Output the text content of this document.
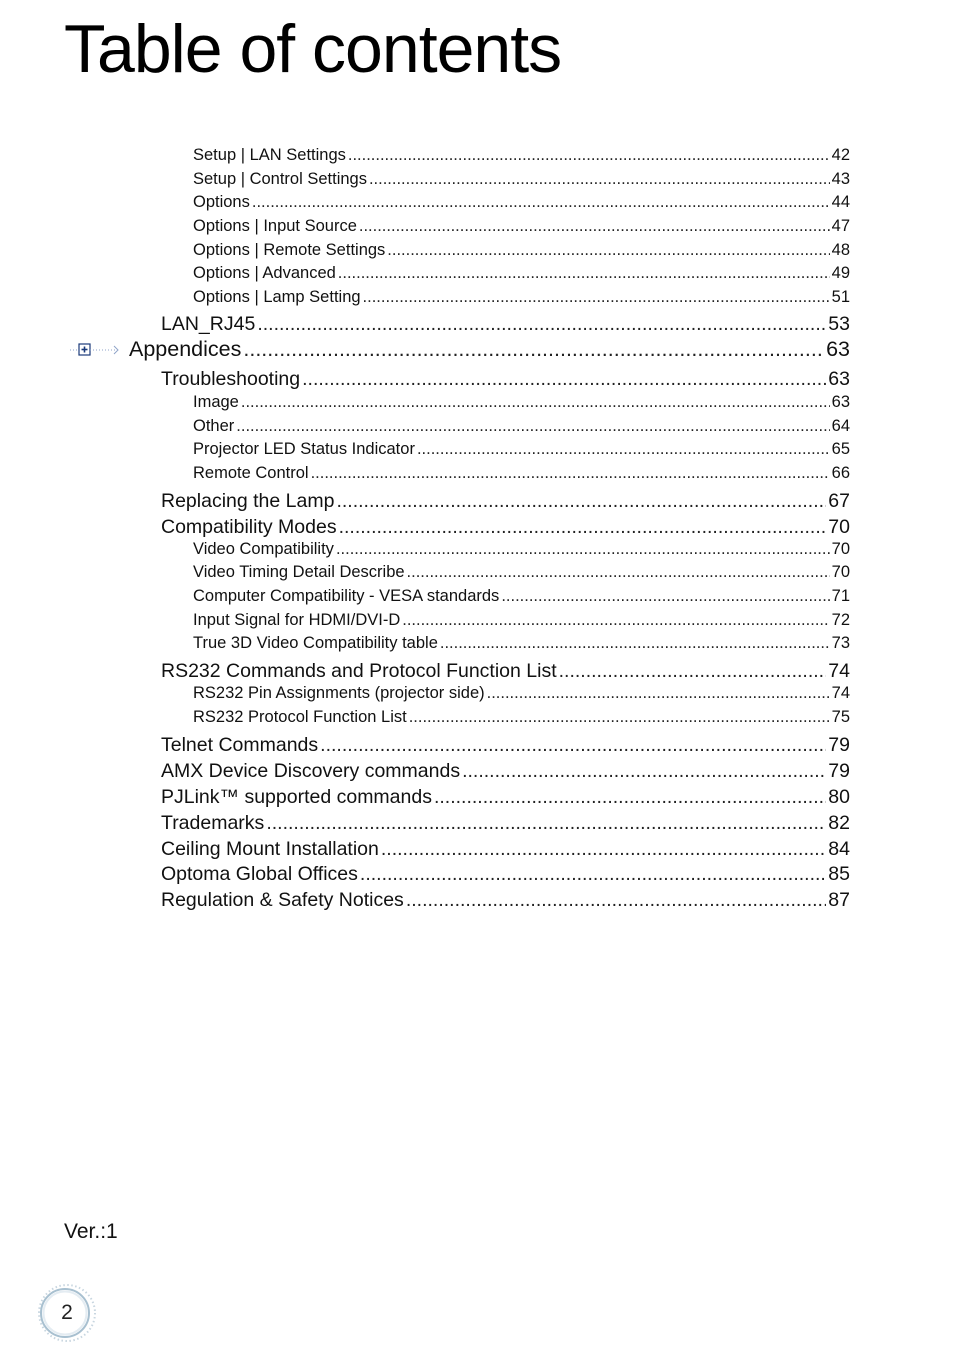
Table of contents
Setup | LAN Settings .....	42
Setup | Control Settings .....	43
Options .....	44
Options | Input Source .....	47
Options | Remote Settings .....	48
Options | Advanced .....	49
Options | Lamp Setting .....	51
LAN_RJ45 .....	53
Appendices .....	63
Troubleshooting .....	63
Image .....	63
Other .....	64
Projector LED Status Indicator .....	65
Remote Control .....	66
Replacing the Lamp .....	67
Compatibility Modes .....	70
Video Compatibility .....	70
Video Timing Detail Describe .....	70
Computer Compatibility - VESA standards .....	71
Input Signal for HDMI/DVI-D .....	72
True 3D Video Compatibility table .....	73
RS232 Commands and Protocol Function List .....	74
RS232 Pin Assignments (projector side) .....	74
RS232 Protocol Function List .....	75
Telnet Commands .....	79
AMX Device Discovery commands .....	79
PJLink™ supported commands .....	80
Trademarks .....	82
Ceiling Mount Installation .....	84
Optoma Global Offices .....	85
Regulation & Safety Notices .....	87
Ver.:1
2
